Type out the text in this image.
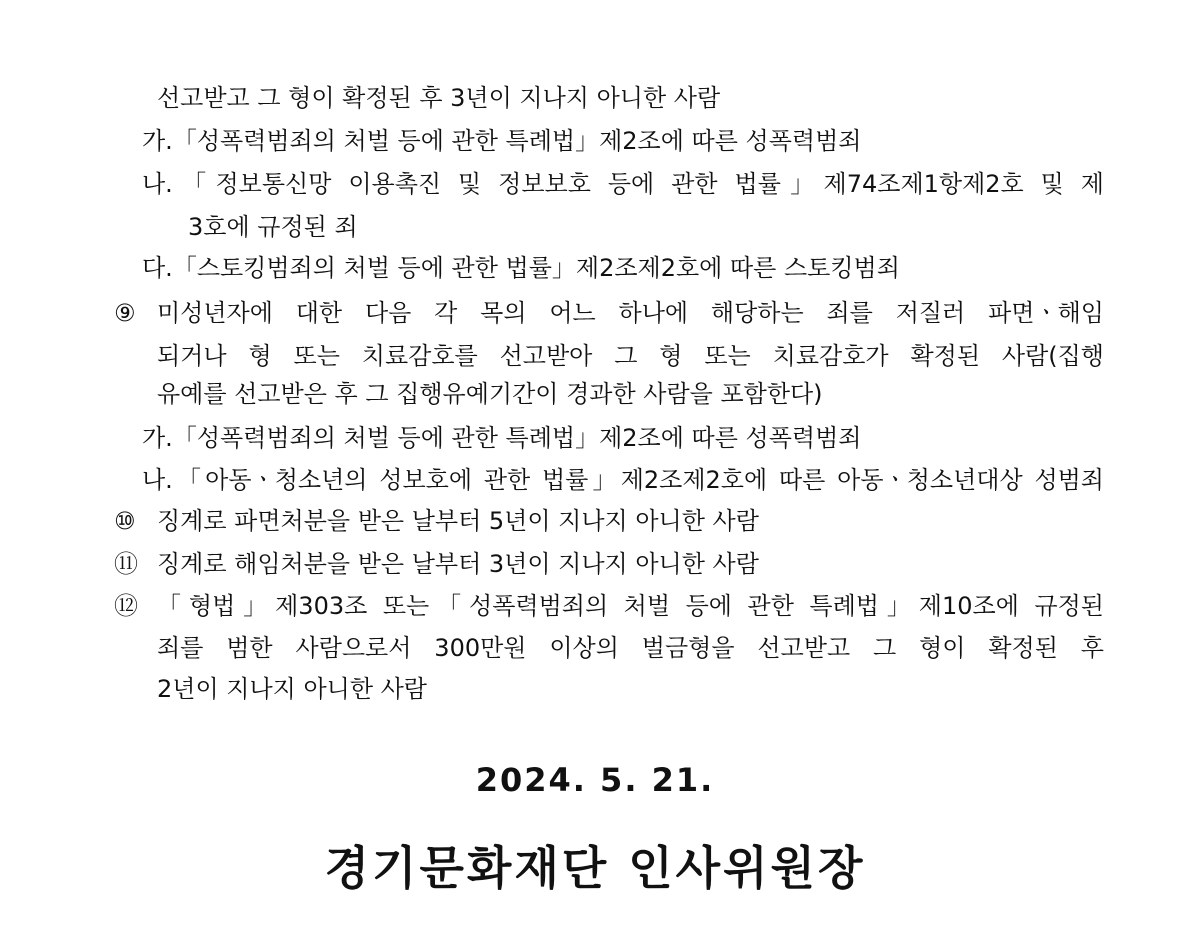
선고받고 그 형이 확정된 후 3년이 지나지 아니한 사람
가.「성폭력범죄의 처벌 등에 관한 특례법」제2조에 따른 성폭력범죄
나.「정보통신망 이용촉진 및 정보보호 등에 관한 법률」제74조제1항제2호 및 제
3호에 규정된 죄
다.「스토킹범죄의 처벌 등에 관한 법률」제2조제2호에 따른 스토킹범죄
⑨ 미성년자에 대한 다음 각 목의 어느 하나에 해당하는 죄를 저질러 파면ㆍ해임
되거나 형 또는 치료감호를 선고받아 그 형 또는 치료감호가 확정된 사람(집행
유예를 선고받은 후 그 집행유예기간이 경과한 사람을 포함한다)
가.「성폭력범죄의 처벌 등에 관한 특례법」제2조에 따른 성폭력범죄
나.「아동ㆍ청소년의 성보호에 관한 법률」제2조제2호에 따른 아동ㆍ청소년대상 성범죄
⑩ 징계로 파면처분을 받은 날부터 5년이 지나지 아니한 사람
⑪ 징계로 해임처분을 받은 날부터 3년이 지나지 아니한 사람
⑫ 「형법」제303조 또는「성폭력범죄의 처벌 등에 관한 특례법」제10조에 규정된
죄를 범한 사람으로서 300만원 이상의 벌금형을 선고받고 그 형이 확정된 후
2년이 지나지 아니한 사람
2024. 5. 21.
경기문화재단 인사위원장
